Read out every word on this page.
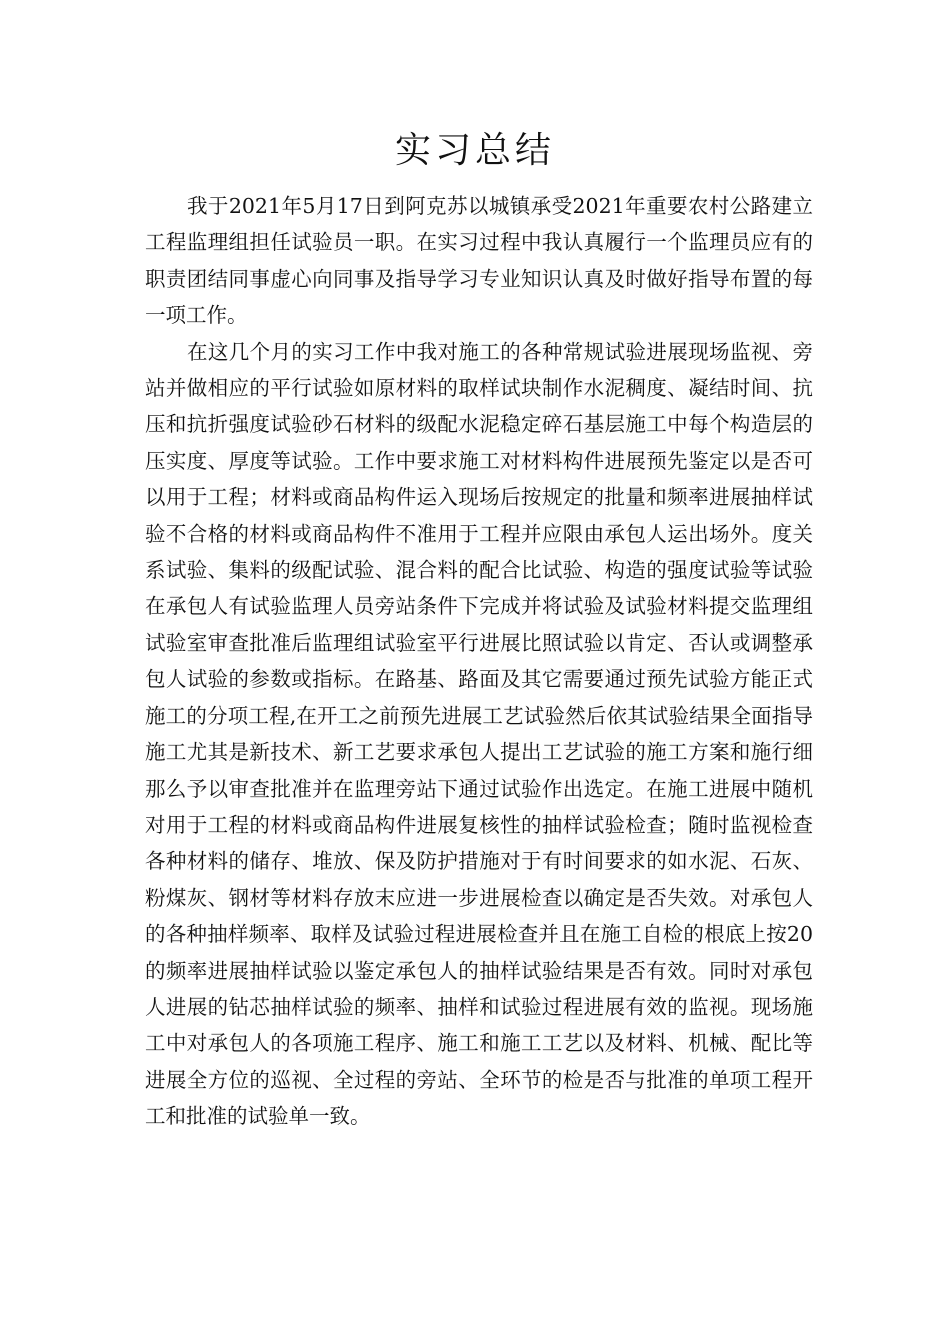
实习总结

我于2021年5月17日到阿克苏以城镇承受2021年重要农村公路建立工程监理组担任试验员一职。在实习过程中我认真履行一个监理员应有的职责团结同事虚心向同事及指导学习专业知识认真及时做好指导布置的每一项工作。

在这几个月的实习工作中我对施工的各种常规试验进展现场监视、旁站并做相应的平行试验如原材料的取样试块制作水泥稠度、凝结时间、抗压和抗折强度试验砂石材料的级配水泥稳定碎石基层施工中每个构造层的压实度、厚度等试验。工作中要求施工对材料构件进展预先鉴定以是否可以用于工程；材料或商品构件运入现场后按规定的批量和频率进展抽样试验不合格的材料或商品构件不准用于工程并应限由承包人运出场外。度关系试验、集料的级配试验、混合料的配合比试验、构造的强度试验等试验在承包人有试验监理人员旁站条件下完成并将试验及试验材料提交监理组试验室审查批准后监理组试验室平行进展比照试验以肯定、否认或调整承包人试验的参数或指标。在路基、路面及其它需要通过预先试验方能正式施工的分项工程,在开工之前预先进展工艺试验然后依其试验结果全面指导施工尤其是新技术、新工艺要求承包人提出工艺试验的施工方案和施行细那么予以审查批准并在监理旁站下通过试验作出选定。在施工进展中随机对用于工程的材料或商品构件进展复核性的抽样试验检查；随时监视检查各种材料的储存、堆放、保及防护措施对于有时间要求的如水泥、石灰、粉煤灰、钢材等材料存放末应进一步进展检查以确定是否失效。对承包人的各种抽样频率、取样及试验过程进展检查并且在施工自检的根底上按20的频率进展抽样试验以鉴定承包人的抽样试验结果是否有效。同时对承包人进展的钻芯抽样试验的频率、抽样和试验过程进展有效的监视。现场施工中对承包人的各项施工程序、施工和施工工艺以及材料、机械、配比等进展全方位的巡视、全过程的旁站、全环节的检是否与批准的单项工程开工和批准的试验单一致。
